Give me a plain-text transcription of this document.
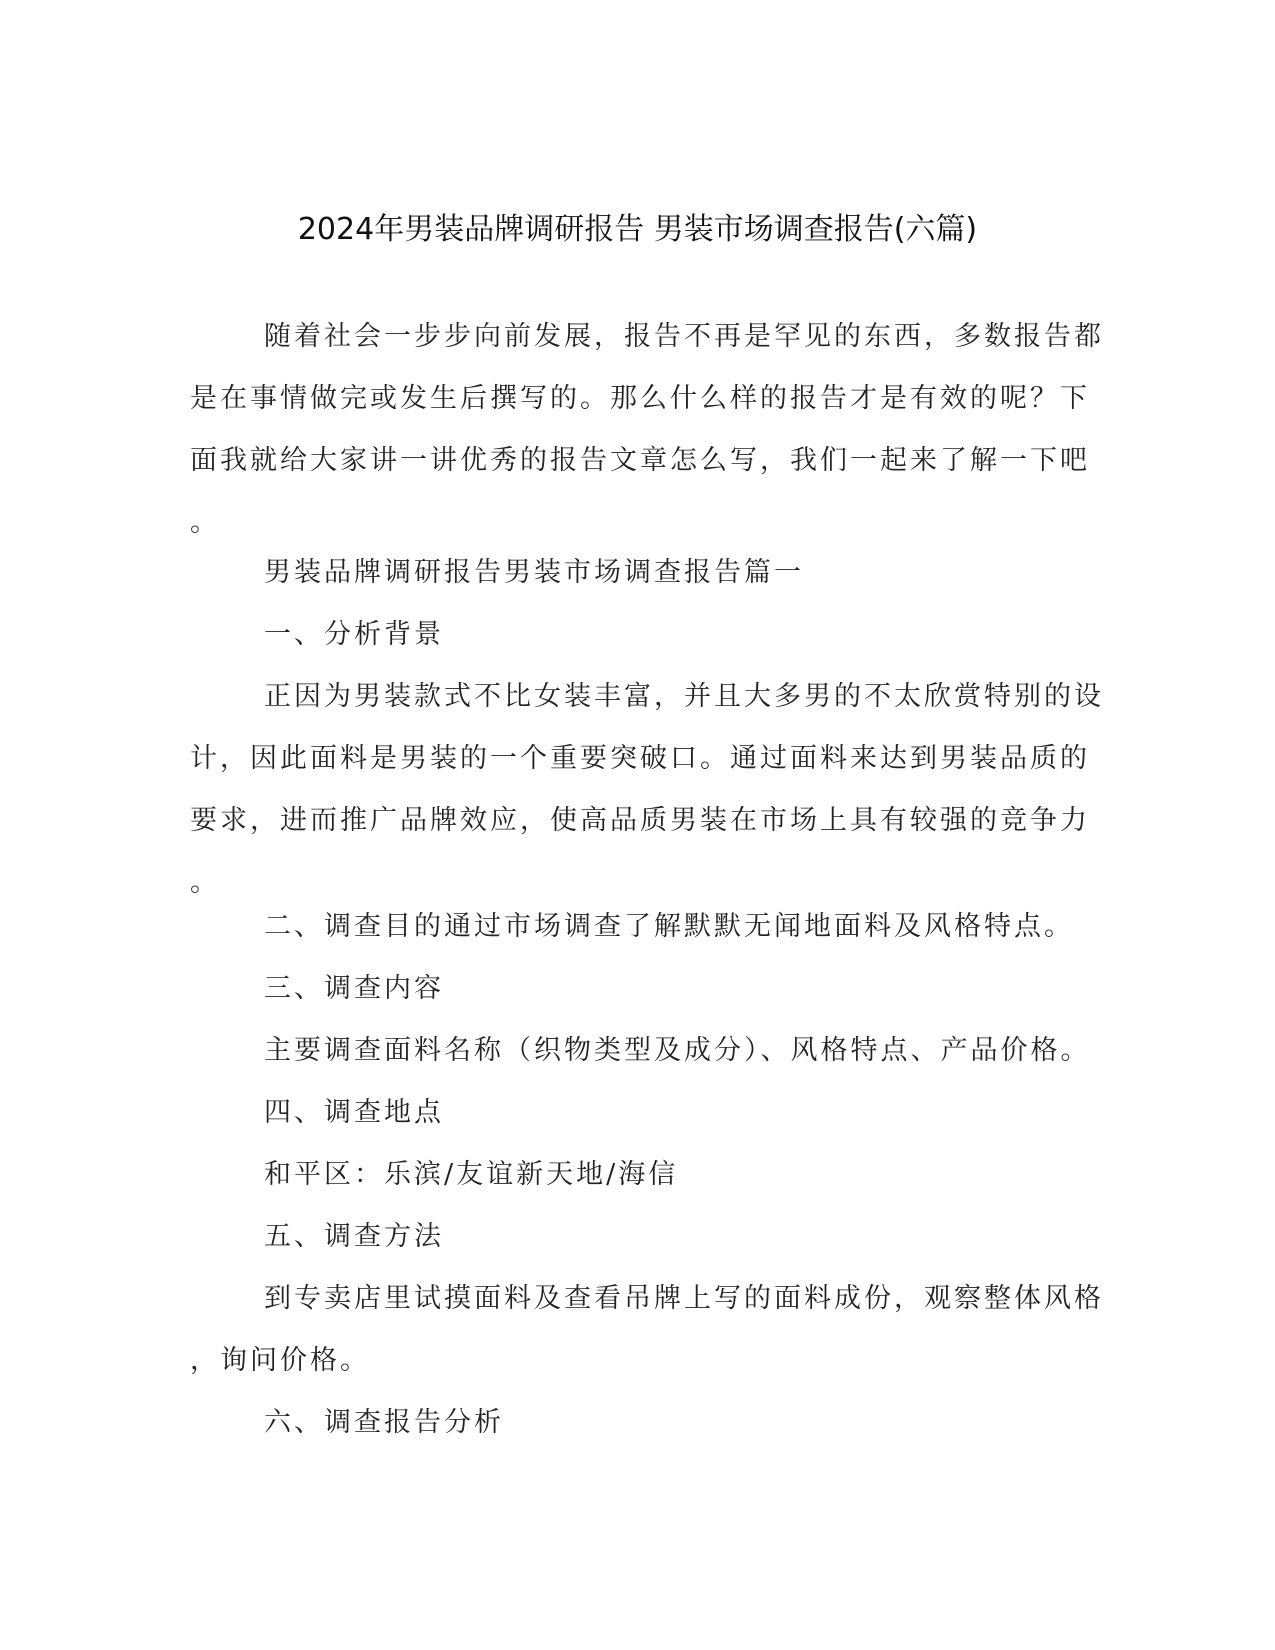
2024年男装品牌调研报告 男装市场调查报告(六篇)
随着社会一步步向前发展，报告不再是罕见的东西，多数报告都
是在事情做完或发生后撰写的。那么什么样的报告才是有效的呢？下
面我就给大家讲一讲优秀的报告文章怎么写，我们一起来了解一下吧
。
男装品牌调研报告男装市场调查报告篇一
一、分析背景
正因为男装款式不比女装丰富，并且大多男的不太欣赏特别的设
计，因此面料是男装的一个重要突破口。通过面料来达到男装品质的
要求，进而推广品牌效应，使高品质男装在市场上具有较强的竞争力
。
二、调查目的通过市场调查了解默默无闻地面料及风格特点。
三、调查内容
主要调查面料名称（织物类型及成分）、风格特点、产品价格。
四、调查地点
和平区：乐滨/友谊新天地/海信
五、调查方法
到专卖店里试摸面料及查看吊牌上写的面料成份，观察整体风格
，询问价格。
六、调查报告分析
